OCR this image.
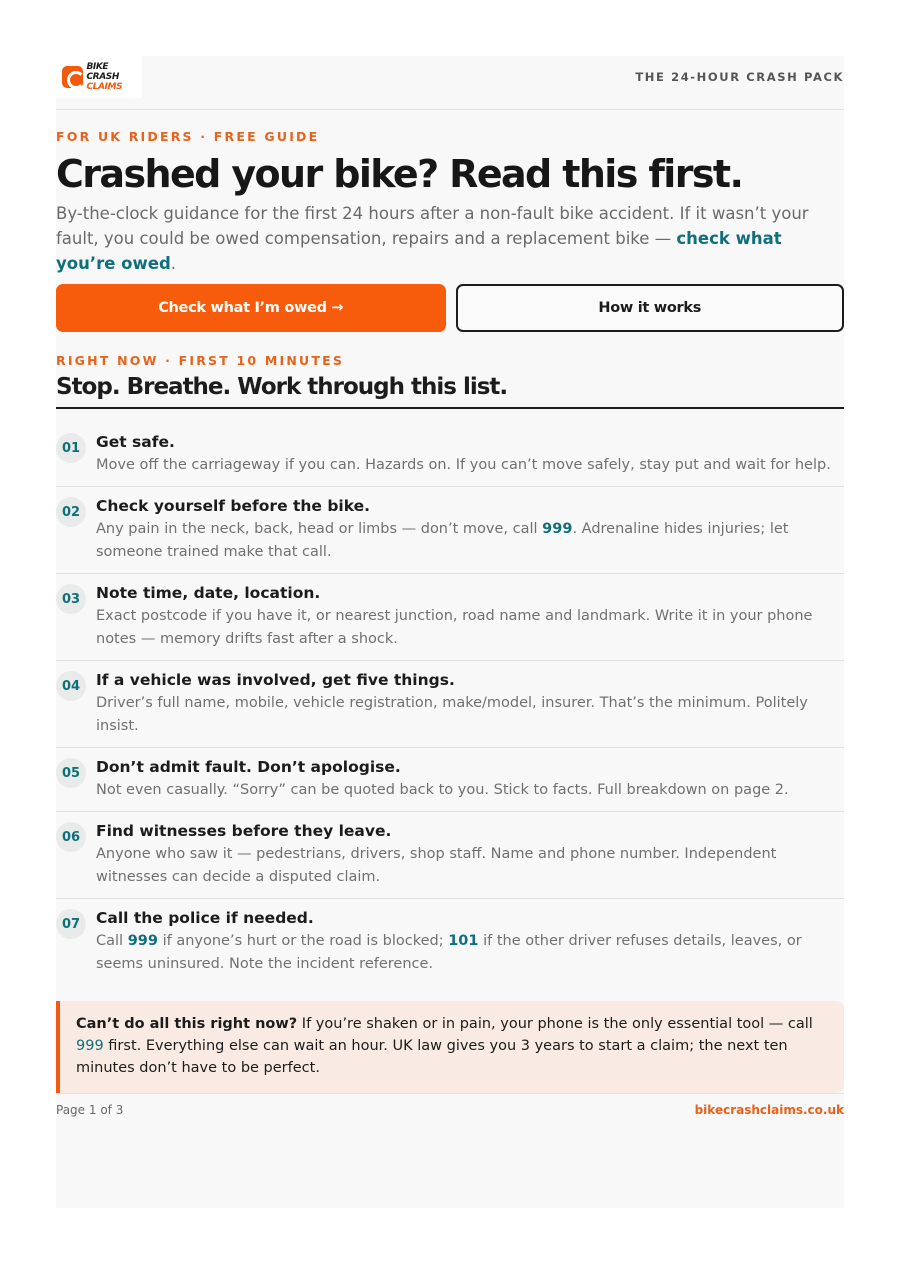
BIKE CRASH
CLAIMS
THE 24-HOUR CRASH PACK
FOR UK RIDERS · FREE GUIDE
Crashed your bike? Read this first.

By-the-clock guidance for the first 24 hours after a non-fault bike accident. If it wasn’t your fault, you could be owed compensation, repairs and a replacement bike — check what you’re owed.

Check what I’m owed →	How it works
RIGHT NOW · FIRST 10 MINUTES
Stop. Breathe. Work through this list.
01	Get safe.
Move off the carriageway if you can. Hazards on. If you can’t move safely, stay put and wait for help.
02	Check yourself before the bike.
Any pain in the neck, back, head or limbs — don’t move, call 999. Adrenaline hides injuries; let someone trained make that call.
03	Note time, date, location.
Exact postcode if you have it, or nearest junction, road name and landmark. Write it in your phone notes — memory drifts fast after a shock.
04	If a vehicle was involved, get five things.
Driver’s full name, mobile, vehicle registration, make/model, insurer. That’s the minimum. Politely insist.
05	Don’t admit fault. Don’t apologise.
Not even casually. “Sorry” can be quoted back to you. Stick to facts. Full breakdown on page 2.
06	Find witnesses before they leave.
Anyone who saw it — pedestrians, drivers, shop staff. Name and phone number. Independent witnesses can decide a disputed claim.
07	Call the police if needed.
Call 999 if anyone’s hurt or the road is blocked; 101 if the other driver refuses details, leaves, or seems uninsured. Note the incident reference.
Can’t do all this right now? If you’re shaken or in pain, your phone is the only essential tool — call 999 first. Everything else can wait an hour. UK law gives you 3 years to start a claim; the next ten minutes don’t have to be perfect.
Page 1 of 3	bikecrashclaims.co.uk
